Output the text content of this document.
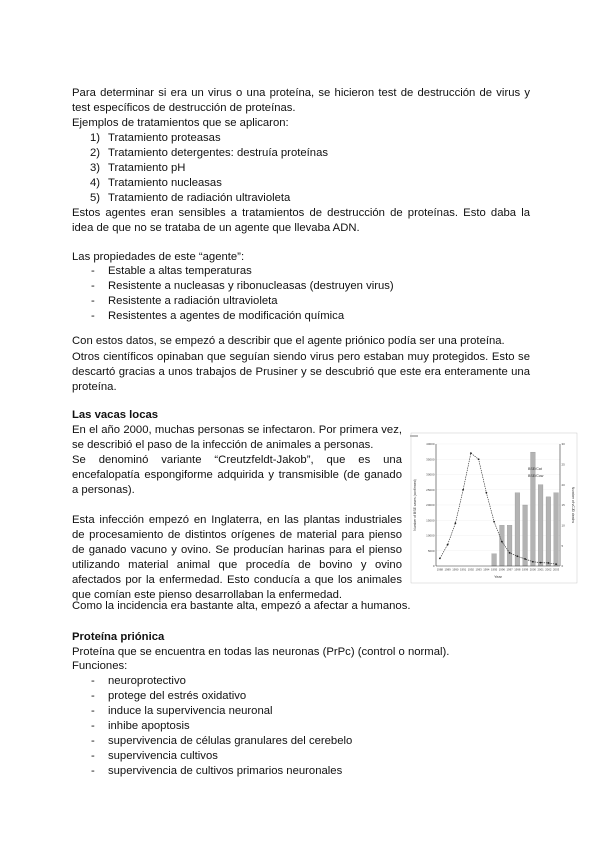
Para determinar si era un virus o una proteína, se hicieron test de destrucción de virus y test específicos de destrucción de proteínas.

Ejemplos de tratamientos que se aplicaron:

1) Tratamiento proteasas
2) Tratamiento detergentes: destruía proteínas
3) Tratamiento pH
4) Tratamiento nucleasas
5) Tratamiento de radiación ultravioleta

Estos agentes eran sensibles a tratamientos de destrucción de proteínas. Esto daba la idea de que no se trataba de un agente que llevaba ADN.

Las propiedades de este “agente”:

- Estable a altas temperaturas
- Resistente a nucleasas y ribonucleasas (destruyen virus)
- Resistente a radiación ultravioleta
- Resistentes a agentes de modificación química

Con estos datos, se empezó a describir que el agente priónico podía ser una proteína.

Otros científicos opinaban que seguían siendo virus pero estaban muy protegidos. Esto se descartó gracias a unos trabajos de Prusiner y se descubrió que este era enteramente una proteína.

Las vacas locas

En el año 2000, muchas personas se infectaron. Por primera vez, se describió el paso de la infección de animales a personas.

Se denominó variante “Creutzfeldt-Jakob”, que es una encefalopatía espongiforme adquirida y transmisible (de ganado a personas).

Esta infección empezó en Inglaterra, en las plantas industriales de procesamiento de distintos orígenes de material para pienso de ganado vacuno y ovino. Se producían harinas para el pienso utilizando material animal que procedía de bovino y ovino afectados por la enfermedad. Esto conducía a que los animales que comían este pienso desarrollaban la enfermedad.

Como la incidencia era bastante alta, empezó a afectar a humanos.

0
5000
10000
15000
20000
25000
30000
35000
40000
0
5
10
15
20
25
30
1988 1989 1990 1991 1992 1993 1994 1995 1996 1997 1998 1999 2000 2001 2002 2003
Number of BSE cases (confirmed)	Number of vCJD deaths
Year
BSE/Cat
BSE/Cow

Proteína priónica

Proteína que se encuentra en todas las neuronas (PrPc) (control o normal).

Funciones:

- neuroprotectivo
- protege del estrés oxidativo
- induce la supervivencia neuronal
- inhibe apoptosis
- supervivencia de células granulares del cerebelo
- supervivencia cultivos
- supervivencia de cultivos primarios neuronales
